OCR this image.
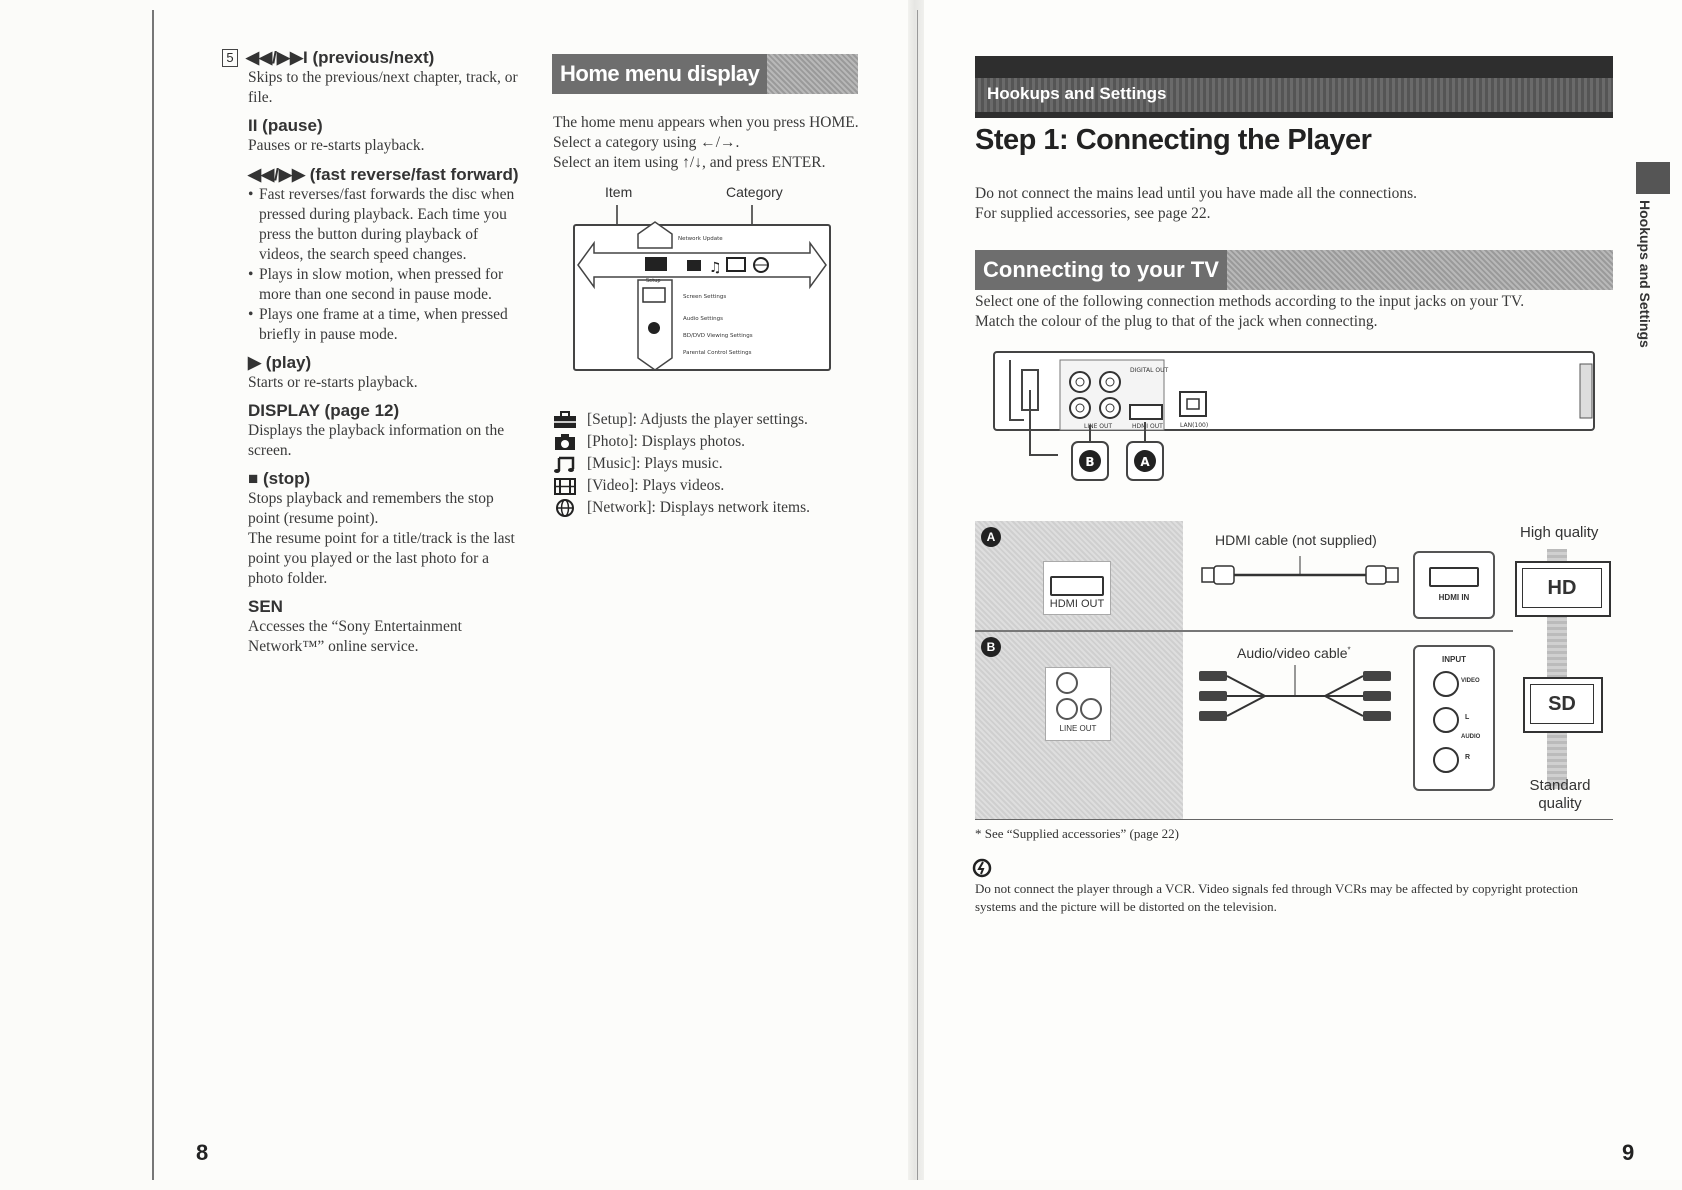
5 ◀◀/▶▶I (previous/next)
Skips to the previous/next chapter, track, or file.
II (pause)
Pauses or re-starts playback.
◀◀/▶▶ (fast reverse/fast forward)
• Fast reverses/fast forwards the disc when pressed during playback. Each time you press the button during playback of videos, the search speed changes.
• Plays in slow motion, when pressed for more than one second in pause mode.
• Plays one frame at a time, when pressed briefly in pause mode.
▶ (play)
Starts or re-starts playback.
DISPLAY (page 12)
Displays the playback information on the screen.
■ (stop)
Stops playback and remembers the stop point (resume point).
The resume point for a title/track is the last point you played or the last photo for a photo folder.
SEN
Accesses the “Sony Entertainment Network™” online service.
Home menu display
The home menu appears when you press HOME. Select a category using ←/→.
Select an item using ↑/↓, and press ENTER.
Item	Category
♫
Network Update
Setup
Screen Settings
Audio Settings
BD/DVD Viewing Settings
Parental Control Settings
[Setup]: Adjusts the player settings.
[Photo]: Displays photos.
[Music]: Plays music.
[Video]: Plays videos.
[Network]: Displays network items.
8
Hookups and Settings
Step 1: Connecting the Player
Do not connect the mains lead until you have made all the connections.
For supplied accessories, see page 22.
Connecting to your TV
Select one of the following connection methods according to the input jacks on your TV.
Match the colour of the plug to that of the jack when connecting.	Hookups and Settings
DIGITAL OUT
LINE OUT	HDMI OUT	LAN(100)
B	A
A
B
HDMI OUT
HDMI cable (not supplied)
HDMI IN
High quality
HD
LINE OUT
Audio/video cable*
INPUT
VIDEO
L
AUDIO
R
SD
Standard quality
* See “Supplied accessories” (page 22)
Do not connect the player through a VCR. Video signals fed through VCRs may be affected by copyright protection systems and the picture will be distorted on the television.
9
